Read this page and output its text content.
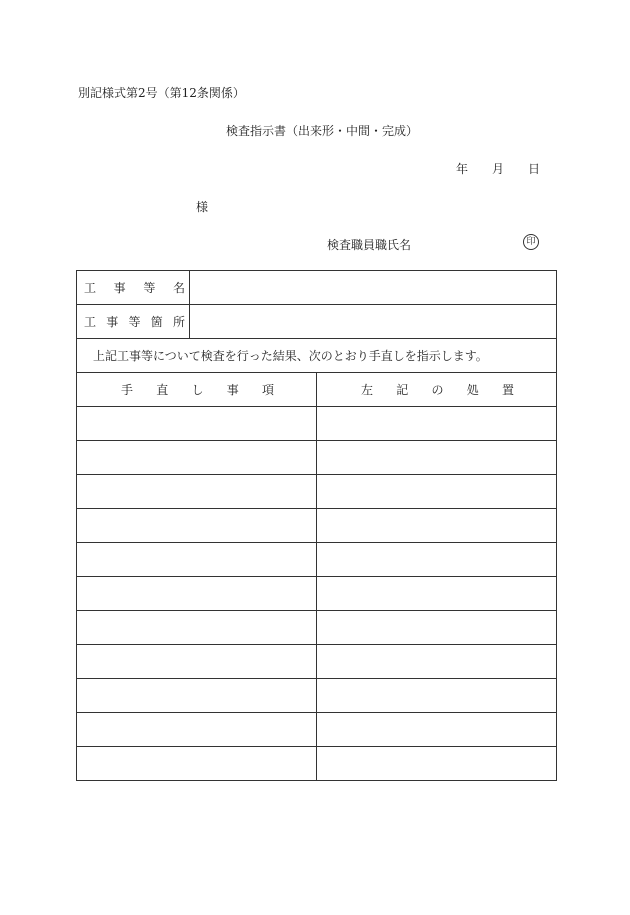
別記様式第2号（第12条関係）
検査指示書（出来形・中間・完成）
年 月 日
様
検査職員職氏名	印
工 事 等 名		

工 事 等 箇 所		

上記工事等について検査を行った結果、次のとおり手直しを指示します。		

手 直 し 事 項		左 記 の 処 置
